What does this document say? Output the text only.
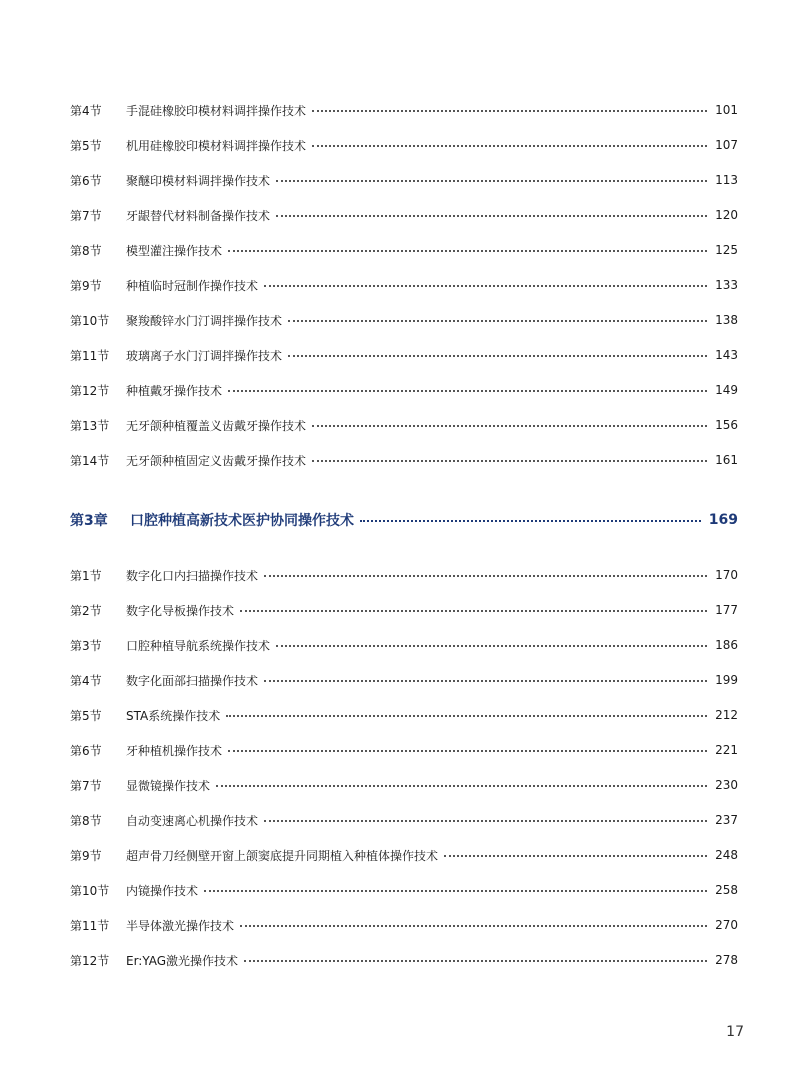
第4节	手混硅橡胶印模材料调拌操作技术	101
第5节	机用硅橡胶印模材料调拌操作技术	107
第6节	聚醚印模材料调拌操作技术	113
第7节	牙龈替代材料制备操作技术	120
第8节	模型灌注操作技术	125
第9节	种植临时冠制作操作技术	133
第10节	聚羧酸锌水门汀调拌操作技术	138
第11节	玻璃离子水门汀调拌操作技术	143
第12节	种植戴牙操作技术	149
第13节	无牙颌种植覆盖义齿戴牙操作技术	156
第14节	无牙颌种植固定义齿戴牙操作技术	161
第3章	口腔种植高新技术医护协同操作技术	169
第1节	数字化口内扫描操作技术	170
第2节	数字化导板操作技术	177
第3节	口腔种植导航系统操作技术	186
第4节	数字化面部扫描操作技术	199
第5节	STA系统操作技术	212
第6节	牙种植机操作技术	221
第7节	显微镜操作技术	230
第8节	自动变速离心机操作技术	237
第9节	超声骨刀经侧壁开窗上颌窦底提升同期植入种植体操作技术	248
第10节	内镜操作技术	258
第11节	半导体激光操作技术	270
第12节	Er:YAG激光操作技术	278
17
